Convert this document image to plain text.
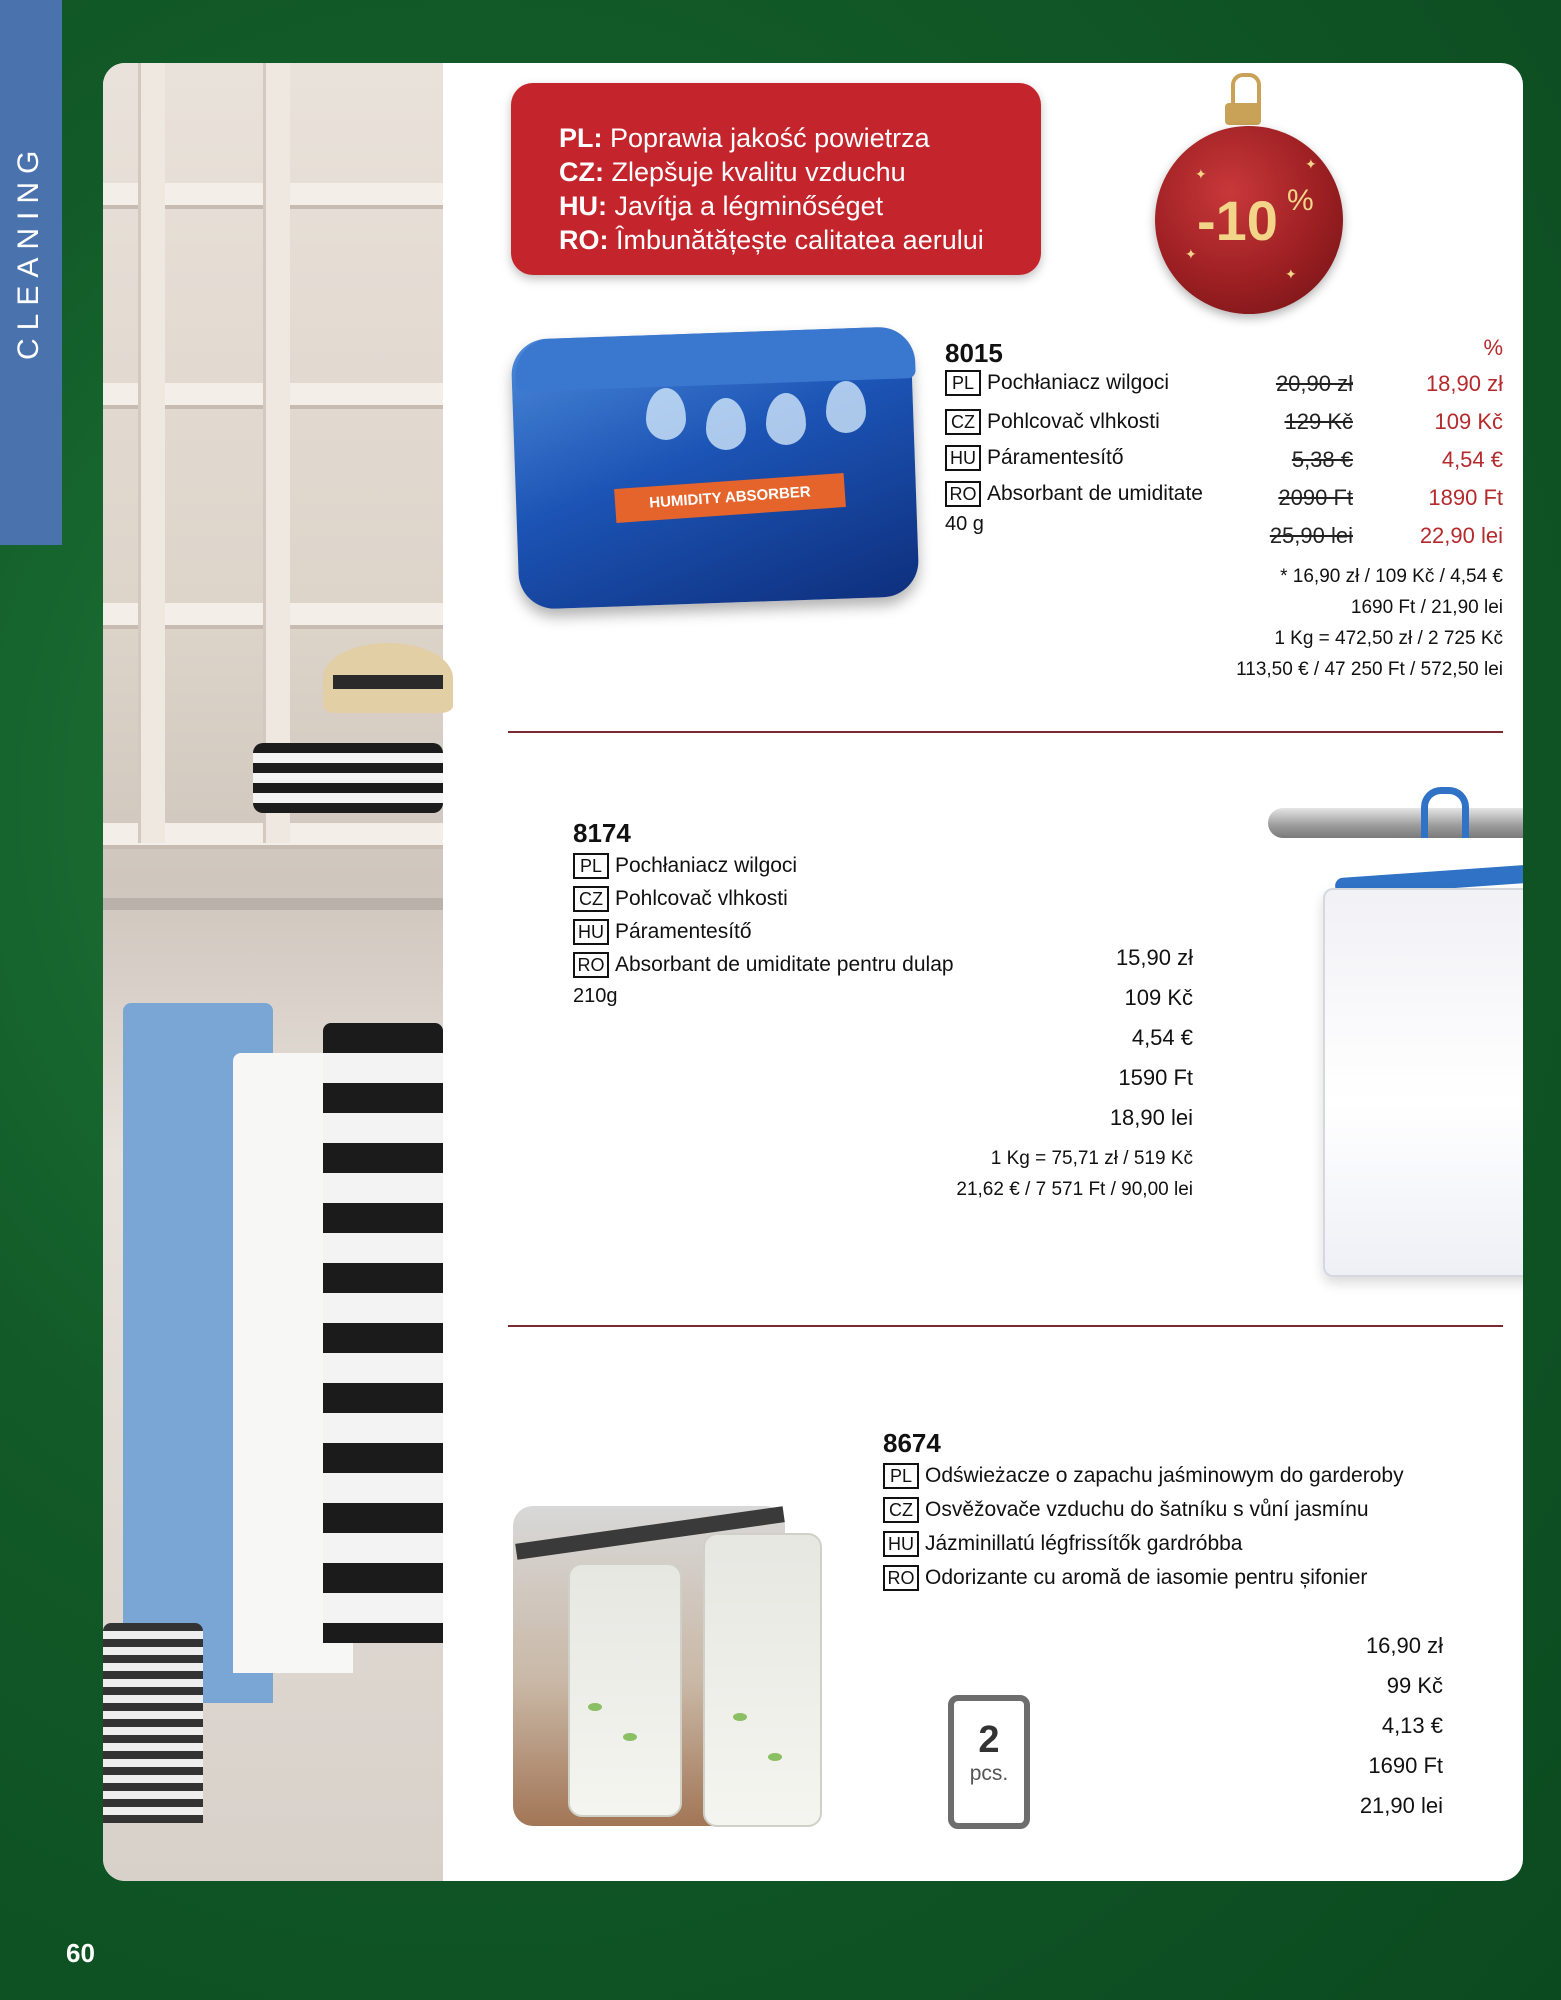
CLEANING
PL: Poprawia jakość powietrza
CZ: Zlepšuje kvalitu vzduchu
HU: Javítja a légminőséget
RO: Îmbunătățește calitatea aerului	-10 %
✦
✦
✦
✦
HUMIDITY ABSORBER
8015
PL Pochłaniacz wilgoci
CZ Pohlcovač vlhkosti
HU Páramentesítő
RO Absorbant de umiditate
40 g
%
20,90 zł
129 Kč
5,38 €
2090 Ft
25,90 lei
18,90 zł
109 Kč
4,54 €
1890 Ft
22,90 lei
* 16,90 zł / 109 Kč / 4,54 €
1690 Ft / 21,90 lei
1 Kg = 472,50 zł / 2 725 Kč
113,50 € / 47 250 Ft / 572,50 lei
8174
PL Pochłaniacz wilgoci
CZ Pohlcovač vlhkosti
HU Páramentesítő
RO Absorbant de umiditate pentru dulap
210g
15,90 zł
109 Kč
4,54 €
1590 Ft
18,90 lei
1 Kg = 75,71 zł / 519 Kč
21,62 € / 7 571 Ft / 90,00 lei
2
pcs.
8674
PL Odświeżacze o zapachu jaśminowym do garderoby
CZ Osvěžovače vzduchu do šatníku s vůní jasmínu
HU Jázminillatú légfrissítők gardróbba
RO Odorizante cu aromă de iasomie pentru șifonier
16,90 zł
99 Kč
4,13 €
1690 Ft
21,90 lei
60
